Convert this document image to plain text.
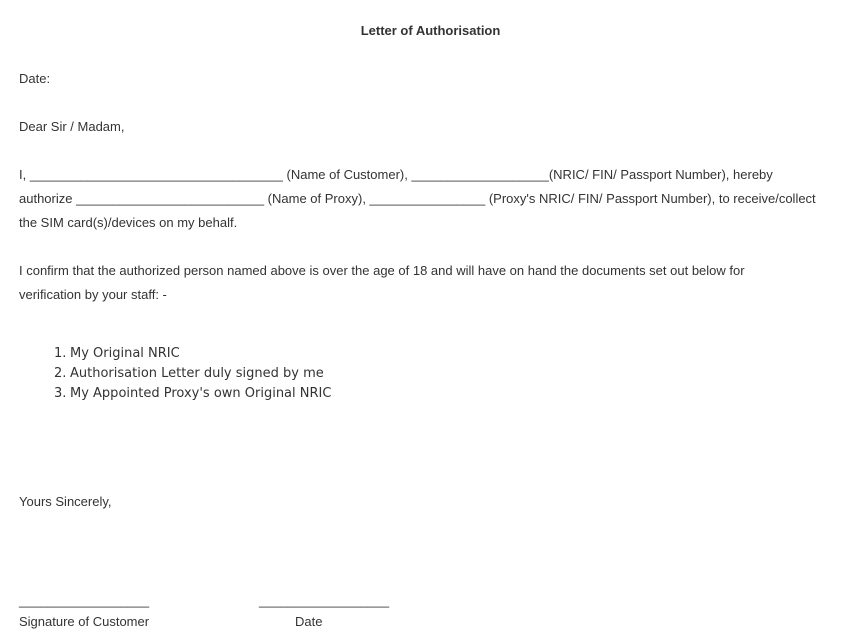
Letter of Authorisation
Date:
Dear Sir / Madam,
I, ___________________________________ (Name of Customer), ___________________(NRIC/ FIN/ Passport Number), hereby
authorize __________________________ (Name of Proxy), ________________ (Proxy's NRIC/ FIN/ Passport Number), to receive/collect
the SIM card(s)/devices on my behalf.
I confirm that the authorized person named above is over the age of 18 and will have on hand the documents set out below for
verification by your staff: -
1. My Original NRIC
2. Authorisation Letter duly signed by me
3. My Appointed Proxy's own Original NRIC
Yours Sincerely,
__________________	__________________
Signature of Customer	Date
